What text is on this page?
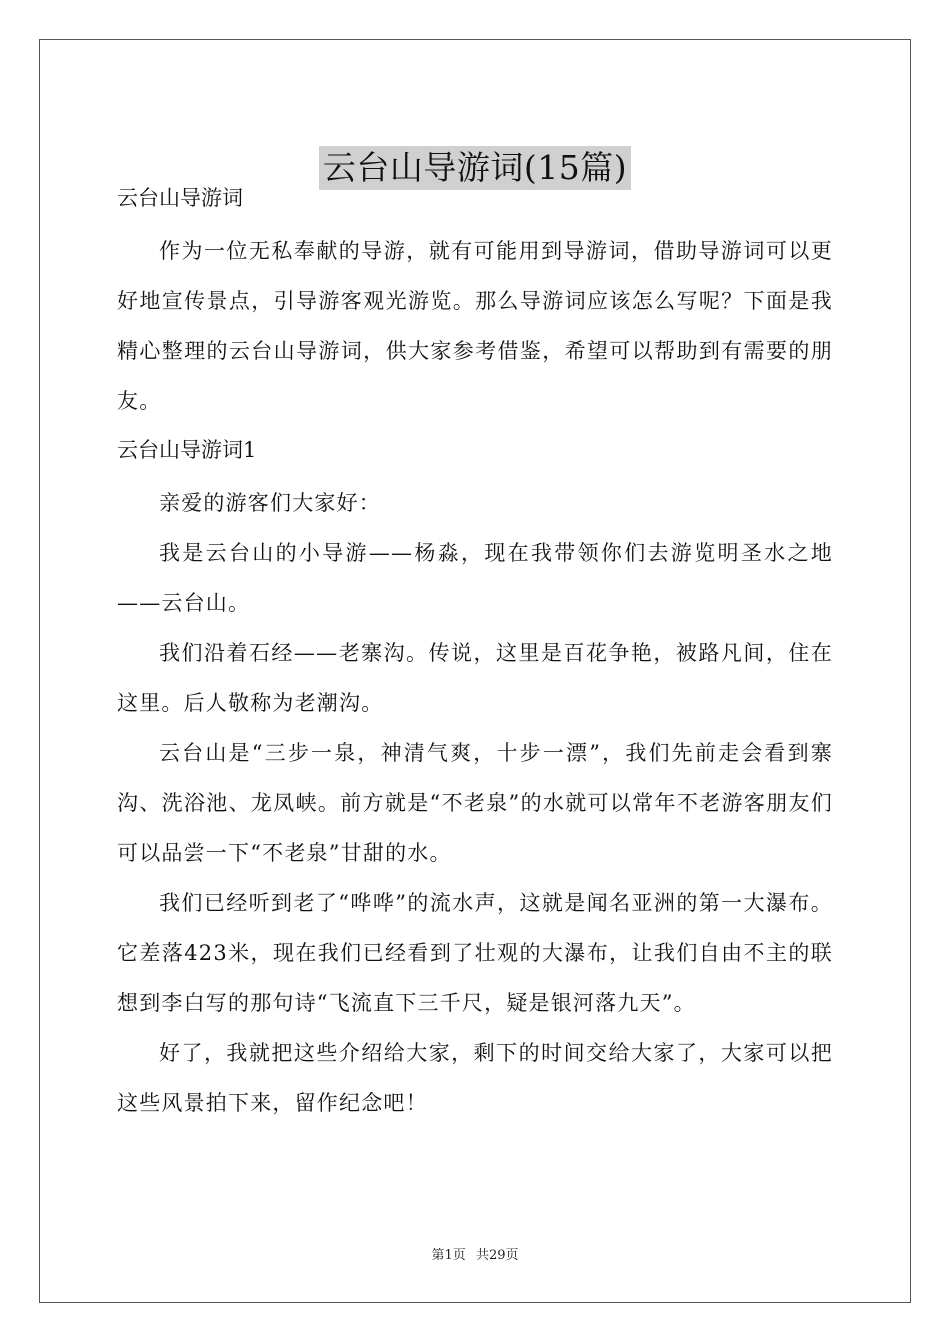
云台山导游词(15篇)
云台山导游词

作为一位无私奉献的导游，就有可能用到导游词，借助导游词可以更好地宣传景点，引导游客观光游览。那么导游词应该怎么写呢？下面是我精心整理的云台山导游词，供大家参考借鉴，希望可以帮助到有需要的朋友。

云台山导游词1

亲爱的游客们大家好：

我是云台山的小导游——杨淼，现在我带领你们去游览明圣水之地——云台山。

我们沿着石经——老寨沟。传说，这里是百花争艳，被路凡间，住在这里。后人敬称为老潮沟。

云台山是“三步一泉，神清气爽，十步一漂”，我们先前走会看到寨沟、洗浴池、龙凤峡。前方就是“不老泉”的水就可以常年不老游客朋友们可以品尝一下“不老泉”甘甜的水。

我们已经听到老了“哗哗”的流水声，这就是闻名亚洲的第一大瀑布。它差落423米，现在我们已经看到了壮观的大瀑布，让我们自由不主的联想到李白写的那句诗“飞流直下三千尺，疑是银河落九天”。

好了，我就把这些介绍给大家，剩下的时间交给大家了，大家可以把这些风景拍下来，留作纪念吧！

第1页 共29页
